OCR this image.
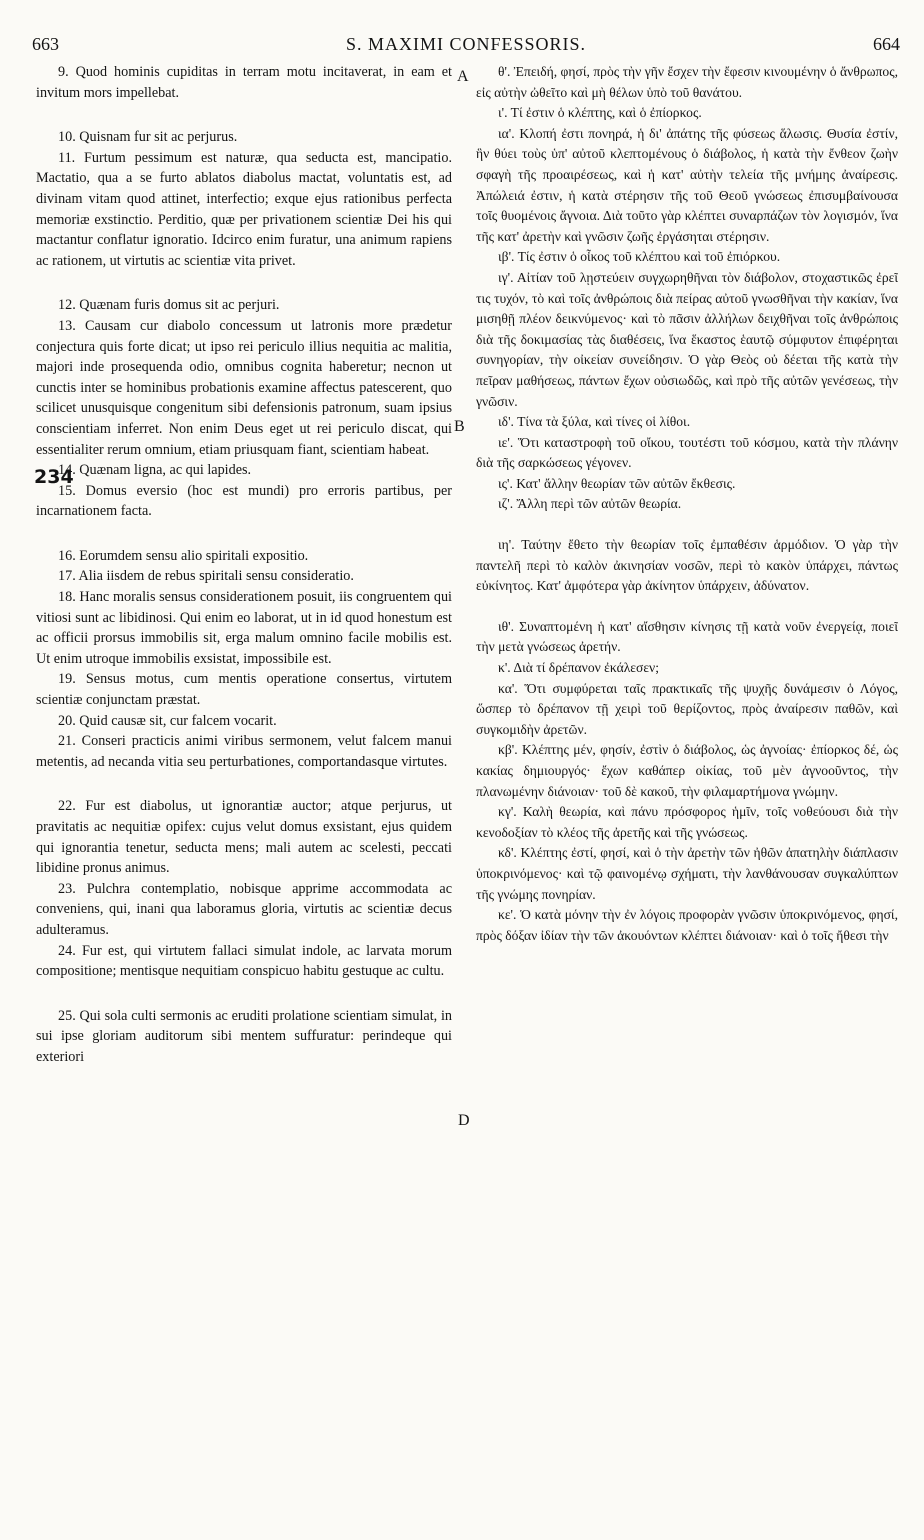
663	S. MAXIMI CONFESSORIS.	664
A
B
D
234

9. Quod hominis cupiditas in terram motu incitaverat, in eam et invitum mors impellebat.

10. Quisnam fur sit ac perjurus.

11. Furtum pessimum est naturæ, qua seducta est, mancipatio. Mactatio, qua a se furto ablatos diabolus mactat, voluntatis est, ad divinam vitam quod attinet, interfectio; exque ejus rationibus perfecta memoriæ exstinctio. Perditio, quæ per privationem scientiæ Dei his qui mactantur conflatur ignoratio. Idcirco enim furatur, una animum rapiens ac rationem, ut virtutis ac scientiæ vita privet.

12. Quænam furis domus sit ac perjuri.

13. Causam cur diabolo concessum ut latronis more prædetur conjectura quis forte dicat; ut ipso rei periculo illius nequitia ac malitia, majori inde prosequenda odio, omnibus cognita haberetur; necnon ut cunctis inter se hominibus probationis examine affectus patescerent, quo scilicet unusquisque congenitum sibi defensionis patronum, suam ipsius conscientiam inferret. Non enim Deus eget ut rei periculo discat, qui essentialiter rerum omnium, etiam priusquam fiant, scientiam habeat.

14. Quænam ligna, ac qui lapides.

15. Domus eversio (hoc est mundi) pro erroris partibus, per incarnationem facta.

16. Eorumdem sensu alio spiritali expositio.

17. Alia iisdem de rebus spiritali sensu consideratio.

18. Hanc moralis sensus considerationem posuit, iis congruentem qui vitiosi sunt ac libidinosi. Qui enim eo laborat, ut in id quod honestum est ac officii prorsus immobilis sit, erga malum omnino facile mobilis est. Ut enim utroque immobilis exsistat, impossibile est.

19. Sensus motus, cum mentis operatione consertus, virtutem scientiæ conjunctam præstat.

20. Quid causæ sit, cur falcem vocarit.

21. Conseri practicis animi viribus sermonem, velut falcem manui metentis, ad necanda vitia seu perturbationes, comportandasque virtutes.

22. Fur est diabolus, ut ignorantiæ auctor; atque perjurus, ut pravitatis ac nequitiæ opifex: cujus velut domus exsistant, ejus quidem qui ignorantia tenetur, seducta mens; mali autem ac scelesti, peccati libidine pronus animus.

23. Pulchra contemplatio, nobisque apprime accommodata ac conveniens, qui, inani qua laboramus gloria, virtutis ac scientiæ decus adulteramus.

24. Fur est, qui virtutem fallaci simulat indole, ac larvata morum compositione; mentisque nequitiam conspicuo habitu gestuque ac cultu.

25. Qui sola culti sermonis ac eruditi prolatione scientiam simulat, in sui ipse gloriam auditorum sibi mentem suffuratur: perindeque qui exteriori

θ'. Ἐπειδή, φησί, πρὸς τὴν γῆν ἔσχεν τὴν ἔφεσιν κινουμένην ὁ ἄνθρωπος, εἰς αὐτὴν ὠθεῖτο καὶ μὴ θέλων ὑπὸ τοῦ θανάτου.

ι'. Τί ἐστιν ὁ κλέπτης, καὶ ὁ ἐπίορκος.

ια'. Κλοπή ἐστι πονηρά, ἡ δι' ἀπάτης τῆς φύσεως ἅλωσις. Θυσία ἐστίν, ἣν θύει τοὺς ὑπ' αὐτοῦ κλεπτομένους ὁ διάβολος, ἡ κατὰ τὴν ἔνθεον ζωὴν σφαγὴ τῆς προαιρέσεως, καὶ ἡ κατ' αὐτὴν τελεία τῆς μνήμης ἀναίρεσις. Ἀπώλειά ἐστιν, ἡ κατὰ στέρησιν τῆς τοῦ Θεοῦ γνώσεως ἐπισυμβαίνουσα τοῖς θυομένοις ἄγνοια. Διὰ τοῦτο γὰρ κλέπτει συναρπάζων τὸν λογισμόν, ἵνα τῆς κατ' ἀρετὴν καὶ γνῶσιν ζωῆς ἐργάσηται στέρησιν.

ιβ'. Τίς ἐστιν ὁ οἶκος τοῦ κλέπτου καὶ τοῦ ἐπιόρκου.

ιγ'. Αἰτίαν τοῦ λῃστεύειν συγχωρηθῆναι τὸν διάβολον, στοχαστικῶς ἐρεῖ τις τυχόν, τὸ καὶ τοῖς ἀνθρώποις διὰ πείρας αὐτοῦ γνωσθῆναι τὴν κακίαν, ἵνα μισηθῇ πλέον δεικνύμενος· καὶ τὸ πᾶσιν ἀλλήλων δειχθῆναι τοῖς ἀνθρώποις διὰ τῆς δοκιμασίας τὰς διαθέσεις, ἵνα ἕκαστος ἑαυτῷ σύμφυτον ἐπιφέρηται συνηγορίαν, τὴν οἰκείαν συνείδησιν. Ὁ γὰρ Θεὸς οὐ δέεται τῆς κατὰ τὴν πεῖραν μαθήσεως, πάντων ἔχων οὐσιωδῶς, καὶ πρὸ τῆς αὐτῶν γενέσεως, τὴν γνῶσιν.

ιδ'. Τίνα τὰ ξύλα, καὶ τίνες οἱ λίθοι.

ιε'. Ὅτι καταστροφὴ τοῦ οἴκου, τουτέστι τοῦ κόσμου, κατὰ τὴν πλάνην διὰ τῆς σαρκώσεως γέγονεν.

ις'. Κατ' ἄλλην θεωρίαν τῶν αὐτῶν ἔκθεσις.

ιζ'. Ἄλλη περὶ τῶν αὐτῶν θεωρία.

ιη'. Ταύτην ἔθετο τὴν θεωρίαν τοῖς ἐμπαθέσιν ἁρμόδιον. Ὁ γὰρ τὴν παντελῆ περὶ τὸ καλὸν ἀκινησίαν νοσῶν, περὶ τὸ κακὸν ὑπάρχει, πάντως εὐκίνητος. Κατ' ἀμφότερα γὰρ ἀκίνητον ὑπάρχειν, ἀδύνατον.

ιθ'. Συναπτομένη ἡ κατ' αἴσθησιν κίνησις τῇ κατὰ νοῦν ἐνεργείᾳ, ποιεῖ τὴν μετὰ γνώσεως ἀρετήν.

κ'. Διὰ τί δρέπανον ἐκάλεσεν;

κα'. Ὅτι συμφύρεται ταῖς πρακτικαῖς τῆς ψυχῆς δυνάμεσιν ὁ Λόγος, ὥσπερ τὸ δρέπανον τῇ χειρὶ τοῦ θερίζοντος, πρὸς ἀναίρεσιν παθῶν, καὶ συγκομιδὴν ἀρετῶν.

κβ'. Κλέπτης μέν, φησίν, ἐστὶν ὁ διάβολος, ὡς ἀγνοίας· ἐπίορκος δέ, ὡς κακίας δημιουργός· ἔχων καθάπερ οἰκίας, τοῦ μὲν ἀγνοοῦντος, τὴν πλανωμένην διάνοιαν· τοῦ δὲ κακοῦ, τὴν φιλαμαρτήμονα γνώμην.

κγ'. Καλὴ θεωρία, καὶ πάνυ πρόσφορος ἡμῖν, τοῖς νοθεύουσι διὰ τὴν κενοδοξίαν τὸ κλέος τῆς ἀρετῆς καὶ τῆς γνώσεως.

κδ'. Κλέπτης ἐστί, φησί, καὶ ὁ τὴν ἀρετὴν τῶν ἠθῶν ἀπατηλὴν διάπλασιν ὑποκρινόμενος· καὶ τῷ φαινομένῳ σχήματι, τὴν λανθάνουσαν συγκαλύπτων τῆς γνώμης πονηρίαν.

κε'. Ὁ κατὰ μόνην τὴν ἐν λόγοις προφορὰν γνῶσιν ὑποκρινόμενος, φησί, πρὸς δόξαν ἰδίαν τὴν τῶν ἀκουόντων κλέπτει διάνοιαν· καὶ ὁ τοῖς ἤθεσι τὴν
